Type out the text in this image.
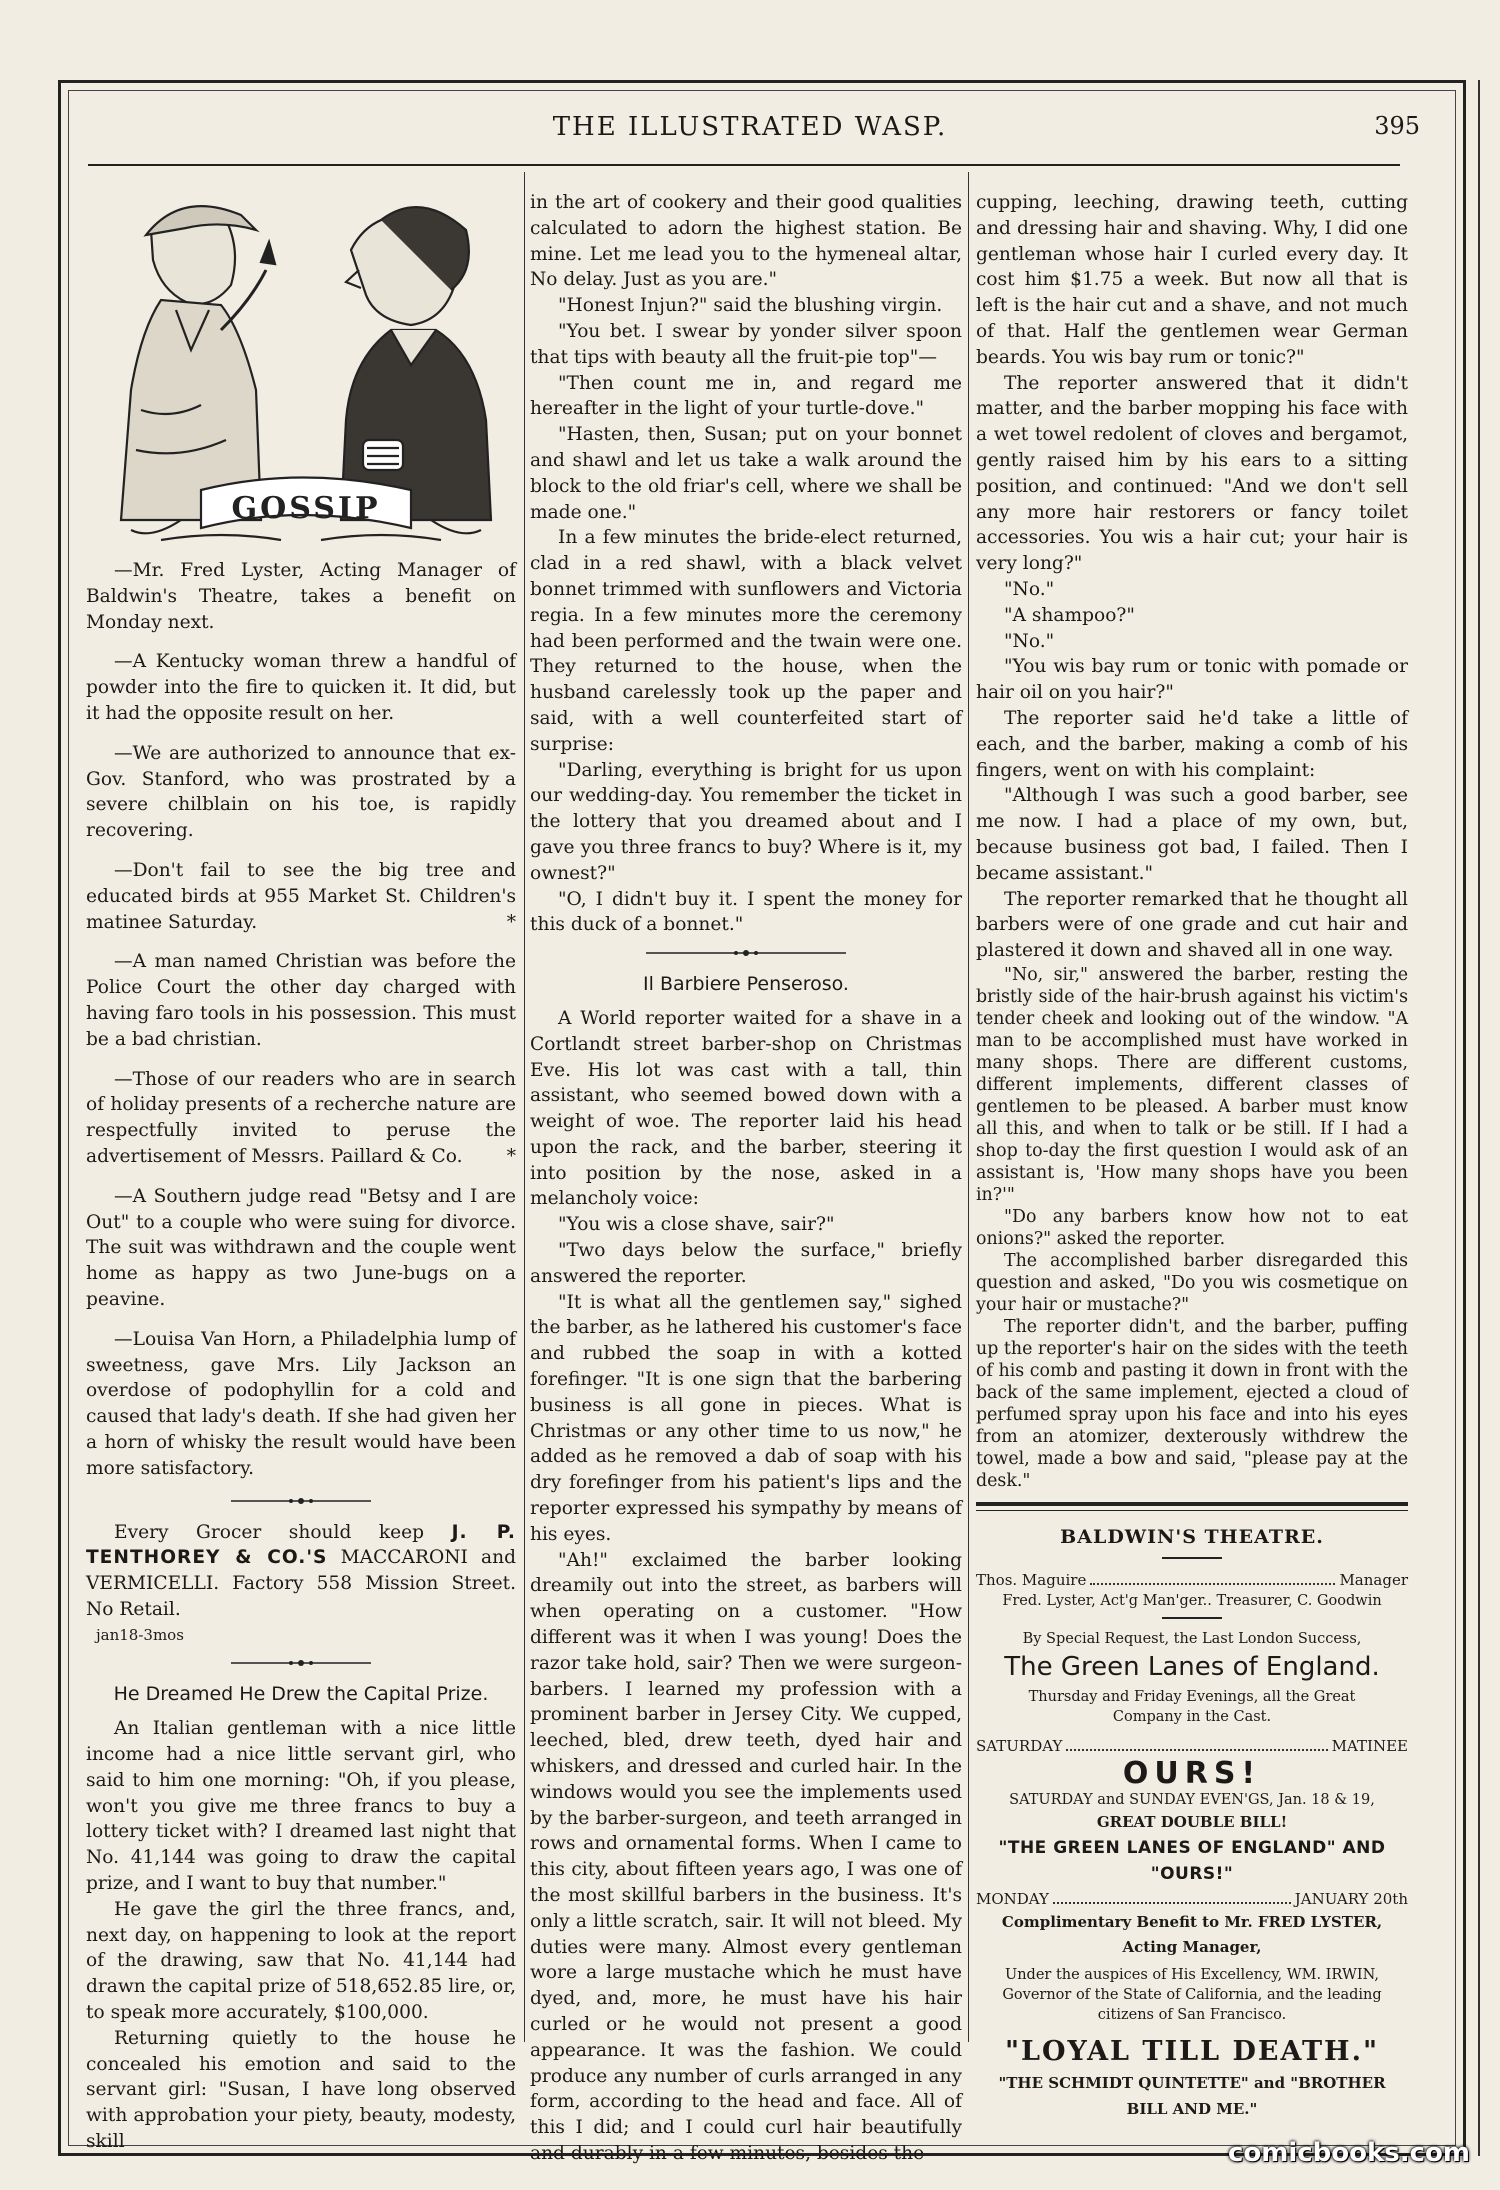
THE ILLUSTRATED WASP.	395
GOSSIP

—Mr. Fred Lyster, Acting Manager of Baldwin's Theatre, takes a benefit on Monday next.

—A Kentucky woman threw a handful of powder into the fire to quicken it. It did, but it had the opposite result on her.

—We are authorized to announce that ex-Gov. Stanford, who was prostrated by a severe chilblain on his toe, is rapidly recovering.

—Don't fail to see the big tree and educated birds at 955 Market St. Children's matinee Saturday.	*

—A man named Christian was before the Police Court the other day charged with having faro tools in his possession. This must be a bad christian.

—Those of our readers who are in search of holiday presents of a recherche nature are respectfully invited to peruse the advertisement of Messrs. Paillard & Co.	*

—A Southern judge read "Betsy and I are Out" to a couple who were suing for divorce. The suit was withdrawn and the couple went home as happy as two June-bugs on a peavine.

—Louisa Van Horn, a Philadelphia lump of sweetness, gave Mrs. Lily Jackson an overdose of podophyllin for a cold and caused that lady's death. If she had given her a horn of whisky the result would have been more satisfactory.

Every Grocer should keep J. P. TENTHOREY & CO.'S MACCARONI and VERMICELLI. Factory 558 Mission Street. No Retail.

jan18-3mos

He Dreamed He Drew the Capital Prize.

An Italian gentleman with a nice little income had a nice little servant girl, who said to him one morning: "Oh, if you please, won't you give me three francs to buy a lottery ticket with? I dreamed last night that No. 41,144 was going to draw the capital prize, and I want to buy that number."

He gave the girl the three francs, and, next day, on happening to look at the report of the drawing, saw that No. 41,144 had drawn the capital prize of 518,652.85 lire, or, to speak more accurately, $100,000.

Returning quietly to the house he concealed his emotion and said to the servant girl: "Susan, I have long observed with approbation your piety, beauty, modesty, skill

in the art of cookery and their good qualities calculated to adorn the highest station. Be mine. Let me lead you to the hymeneal altar, No delay. Just as you are."

"Honest Injun?" said the blushing virgin.

"You bet. I swear by yonder silver spoon that tips with beauty all the fruit-pie top"—

"Then count me in, and regard me hereafter in the light of your turtle-dove."

"Hasten, then, Susan; put on your bonnet and shawl and let us take a walk around the block to the old friar's cell, where we shall be made one."

In a few minutes the bride-elect returned, clad in a red shawl, with a black velvet bonnet trimmed with sunflowers and Victoria regia. In a few minutes more the ceremony had been performed and the twain were one. They returned to the house, when the husband carelessly took up the paper and said, with a well counterfeited start of surprise:

"Darling, everything is bright for us upon our wedding-day. You remember the ticket in the lottery that you dreamed about and I gave you three francs to buy? Where is it, my ownest?"

"O, I didn't buy it. I spent the money for this duck of a bonnet."

Il Barbiere Penseroso.

A World reporter waited for a shave in a Cortlandt street barber-shop on Christmas Eve. His lot was cast with a tall, thin assistant, who seemed bowed down with a weight of woe. The reporter laid his head upon the rack, and the barber, steering it into position by the nose, asked in a melancholy voice:

"You wis a close shave, sair?"

"Two days below the surface," briefly answered the reporter.

"It is what all the gentlemen say," sighed the barber, as he lathered his customer's face and rubbed the soap in with a kotted forefinger. "It is one sign that the barbering business is all gone in pieces. What is Christmas or any other time to us now," he added as he removed a dab of soap with his dry forefinger from his patient's lips and the reporter expressed his sympathy by means of his eyes.

"Ah!" exclaimed the barber looking dreamily out into the street, as barbers will when operating on a customer. "How different was it when I was young! Does the razor take hold, sair? Then we were surgeon-barbers. I learned my profession with a prominent barber in Jersey City. We cupped, leeched, bled, drew teeth, dyed hair and whiskers, and dressed and curled hair. In the windows would you see the implements used by the barber-surgeon, and teeth arranged in rows and ornamental forms. When I came to this city, about fifteen years ago, I was one of the most skillful barbers in the business. It's only a little scratch, sair. It will not bleed. My duties were many. Almost every gentleman wore a large mustache which he must have dyed, and, more, he must have his hair curled or he would not present a good appearance. It was the fashion. We could produce any number of curls arranged in any form, according to the head and face. All of this I did; and I could curl hair beautifully and durably in a few minutes, besides the

cupping, leeching, drawing teeth, cutting and dressing hair and shaving. Why, I did one gentleman whose hair I curled every day. It cost him $1.75 a week. But now all that is left is the hair cut and a shave, and not much of that. Half the gentlemen wear German beards. You wis bay rum or tonic?"

The reporter answered that it didn't matter, and the barber mopping his face with a wet towel redolent of cloves and bergamot, gently raised him by his ears to a sitting position, and continued: "And we don't sell any more hair restorers or fancy toilet accessories. You wis a hair cut; your hair is very long?"

"No."

"A shampoo?"

"No."

"You wis bay rum or tonic with pomade or hair oil on you hair?"

The reporter said he'd take a little of each, and the barber, making a comb of his fingers, went on with his complaint:

"Although I was such a good barber, see me now. I had a place of my own, but, because business got bad, I failed. Then I became assistant."

The reporter remarked that he thought all barbers were of one grade and cut hair and plastered it down and shaved all in one way.

"No, sir," answered the barber, resting the bristly side of the hair-brush against his victim's tender cheek and looking out of the window. "A man to be accomplished must have worked in many shops. There are different customs, different implements, different classes of gentlemen to be pleased. A barber must know all this, and when to talk or be still. If I had a shop to-day the first question I would ask of an assistant is, 'How many shops have you been in?'"

"Do any barbers know how not to eat onions?" asked the reporter.

The accomplished barber disregarded this question and asked, "Do you wis cosmetique on your hair or mustache?"

The reporter didn't, and the barber, puffing up the reporter's hair on the sides with the teeth of his comb and pasting it down in front with the back of the same implement, ejected a cloud of perfumed spray upon his face and into his eyes from an atomizer, dexterously withdrew the towel, made a bow and said, "please pay at the desk."

BALDWIN'S THEATRE.
Thos. Maguire	Manager
Fred. Lyster, Act'g Man'ger.. Treasurer, C. Goodwin
By Special Request, the Last London Success,
The Green Lanes of England.
Thursday and Friday Evenings, all the Great Company in the Cast.
SATURDAY	MATINEE
OURS!
SATURDAY and SUNDAY EVEN'GS, Jan. 18 & 19,
GREAT DOUBLE BILL!
"THE GREEN LANES OF ENGLAND" AND "OURS!"
MONDAY	JANUARY 20th
Complimentary Benefit to Mr. FRED LYSTER, Acting Manager,
Under the auspices of His Excellency, WM. IRWIN, Governor of the State of California, and the leading citizens of San Francisco.
"LOYAL TILL DEATH."
"THE SCHMIDT QUINTETTE" and "BROTHER BILL AND ME."
comicbooks.com
